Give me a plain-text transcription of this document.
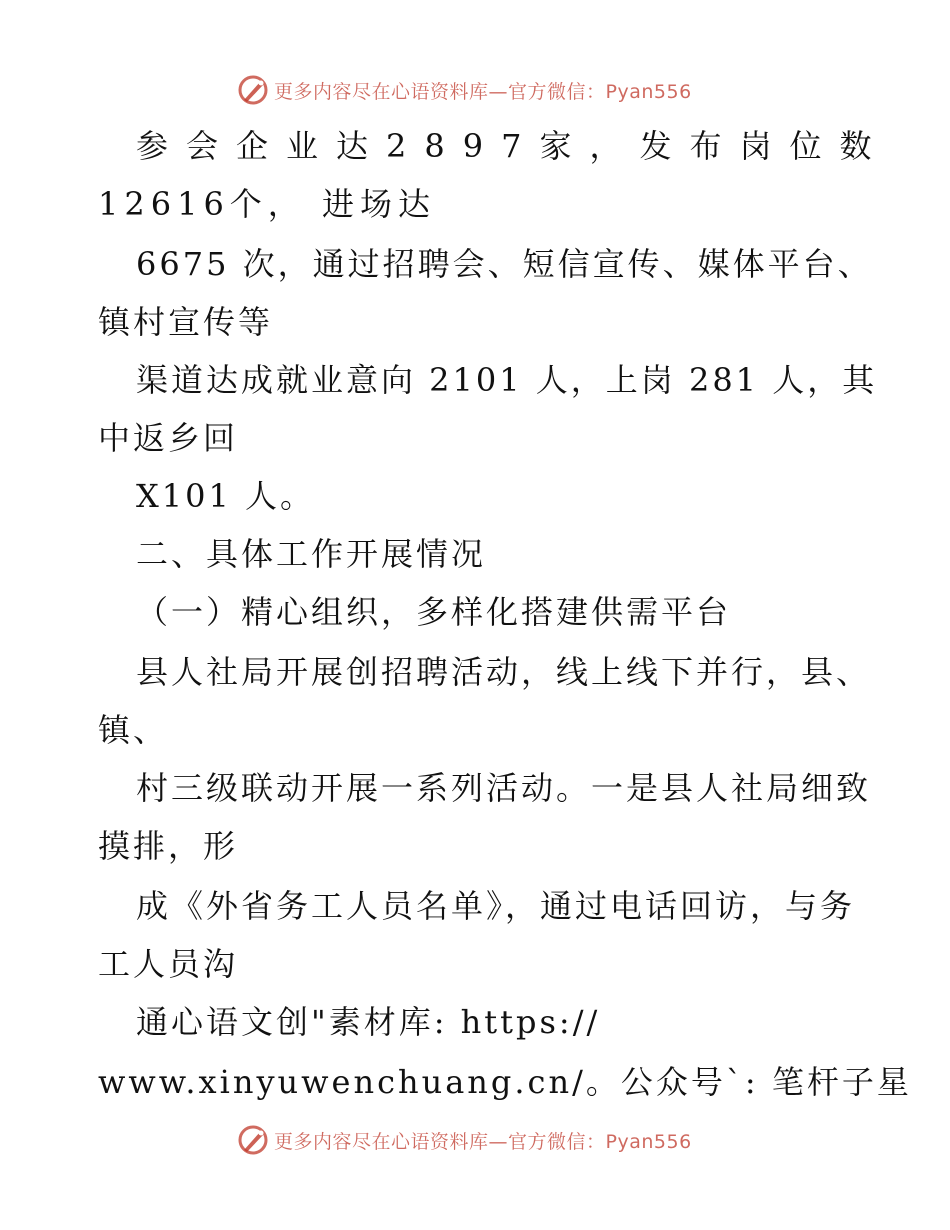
更多内容尽在心语资料库—官方微信：Pyan556
参会企业达2897家，发布岗位数
12616个， 进场达
6675 次，通过招聘会、短信宣传、媒体平台、
镇村宣传等
渠道达成就业意向 2101 人，上岗 281 人，其
中返乡回
X101 人。
二、具体工作开展情况
（一）精心组织，多样化搭建供需平台
县人社局开展创招聘活动，线上线下并行，县、
镇、
村三级联动开展一系列活动。一是县人社局细致
摸排，形
成《外省务工人员名单》，通过电话回访，与务
工人员沟
通心语文创"素材库: https://
www.xinyuwenchuang.cn/。公众号`: 笔杆子星
更多内容尽在心语资料库—官方微信：Pyan556
